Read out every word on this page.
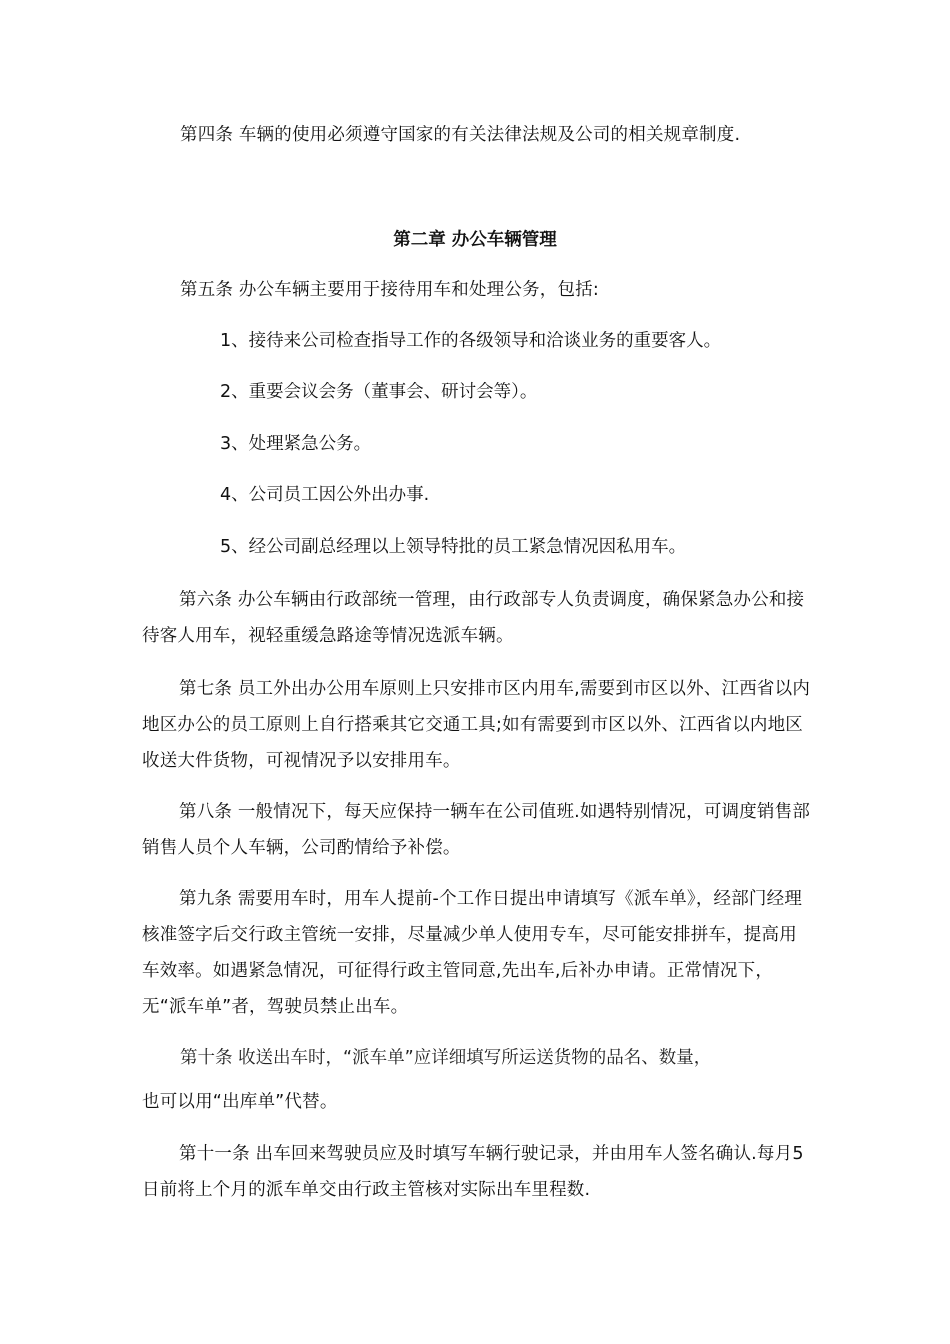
第四条 车辆的使用必须遵守国家的有关法律法规及公司的相关规章制度.

第二章 办公车辆管理

第五条 办公车辆主要用于接待用车和处理公务，包括:

1、接待来公司检查指导工作的各级领导和洽谈业务的重要客人。

2、重要会议会务（董事会、研讨会等）。

3、处理紧急公务。

4、公司员工因公外出办事.

5、经公司副总经理以上领导特批的员工紧急情况因私用车。

第六条 办公车辆由行政部统一管理，由行政部专人负责调度，确保紧急办公和接待客人用车，视轻重缓急路途等情况选派车辆。

第七条 员工外出办公用车原则上只安排市区内用车,需要到市区以外、江西省以内地区办公的员工原则上自行搭乘其它交通工具;如有需要到市区以外、江西省以内地区收送大件货物，可视情况予以安排用车。

第八条 一般情况下，每天应保持一辆车在公司值班.如遇特别情况，可调度销售部销售人员个人车辆，公司酌情给予补偿。

第九条 需要用车时，用车人提前-个工作日提出申请填写《派车单》，经部门经理核准签字后交行政主管统一安排，尽量减少单人使用专车，尽可能安排拼车，提高用车效率。如遇紧急情况，可征得行政主管同意,先出车,后补办申请。正常情况下，无“派车单”者，驾驶员禁止出车。

第十条 收送出车时，“派车单”应详细填写所运送货物的品名、数量，

也可以用“出库单”代替。

第十一条 出车回来驾驶员应及时填写车辆行驶记录，并由用车人签名确认.每月5日前将上个月的派车单交由行政主管核对实际出车里程数.
